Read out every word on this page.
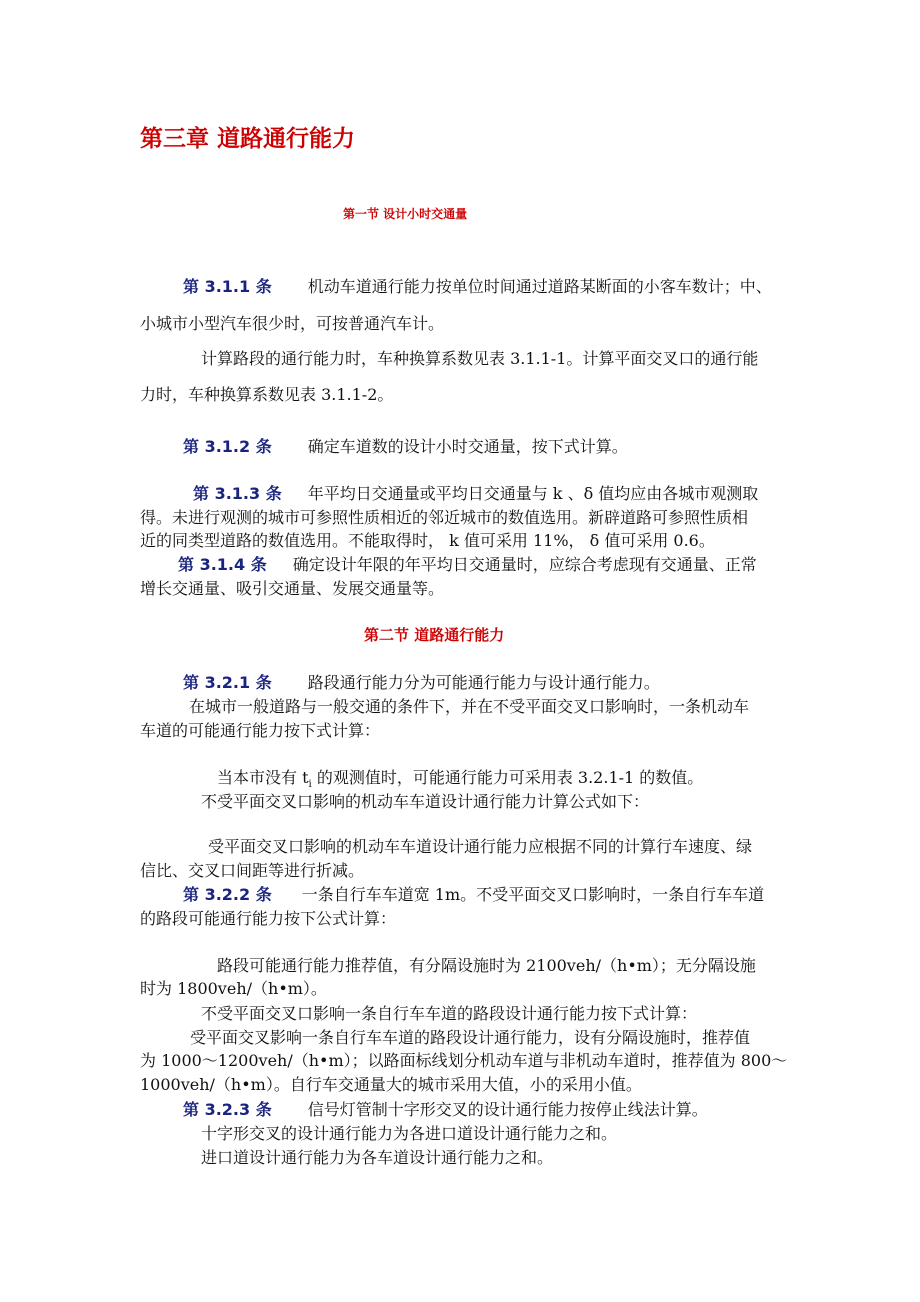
第三章 道路通行能力
第一节 设计小时交通量
第 3.1.1 条 机动车道通行能力按单位时间通过道路某断面的小客车数计；中、
小城市小型汽车很少时，可按普通汽车计。
计算路段的通行能力时，车种换算系数见表 3.1.1-1。计算平面交叉口的通行能
力时，车种换算系数见表 3.1.1-2。
第 3.1.2 条 确定车道数的设计小时交通量，按下式计算。
第 3.1.3 条 年平均日交通量或平均日交通量与 k 、δ 值均应由各城市观测取
得。未进行观测的城市可参照性质相近的邻近城市的数值选用。新辟道路可参照性质相
近的同类型道路的数值选用。不能取得时， k 值可采用 11%， δ 值可采用 0.6。
第 3.1.4 条 确定设计年限的年平均日交通量时，应综合考虑现有交通量、正常
增长交通量、吸引交通量、发展交通量等。
第二节 道路通行能力
第 3.2.1 条 路段通行能力分为可能通行能力与设计通行能力。
在城市一般道路与一般交通的条件下，并在不受平面交叉口影响时，一条机动车
车道的可能通行能力按下式计算：
当本市没有 $t_i$ 的观测值时，可能通行能力可采用表 3.2.1-1 的数值。
不受平面交叉口影响的机动车车道设计通行能力计算公式如下：
受平面交叉口影响的机动车车道设计通行能力应根据不同的计算行车速度、绿
信比、交叉口间距等进行折减。
第 3.2.2 条 一条自行车车道宽 1m。不受平面交叉口影响时，一条自行车车道
的路段可能通行能力按下公式计算：
路段可能通行能力推荐值，有分隔设施时为 2100veh/（h•m）；无分隔设施
时为 1800veh/（h•m）。
不受平面交叉口影响一条自行车车道的路段设计通行能力按下式计算：
受平面交叉影响一条自行车车道的路段设计通行能力，设有分隔设施时，推荐值
为 1000～1200veh/（h•m）；以路面标线划分机动车道与非机动车道时，推荐值为 800～
1000veh/（h•m）。自行车交通量大的城市采用大值，小的采用小值。
第 3.2.3 条 信号灯管制十字形交叉的设计通行能力按停止线法计算。
十字形交叉的设计通行能力为各进口道设计通行能力之和。
进口道设计通行能力为各车道设计通行能力之和。
